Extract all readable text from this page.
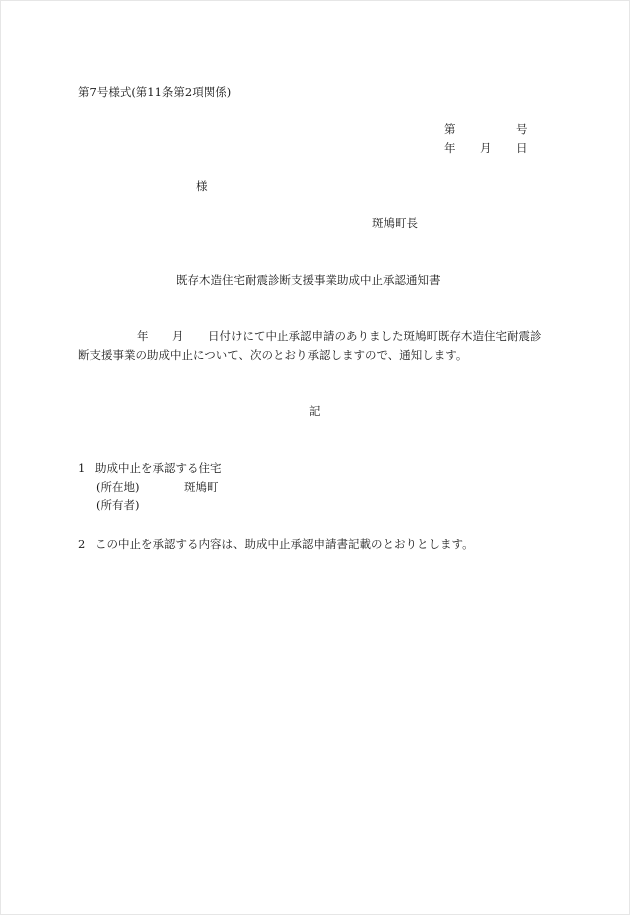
第7号様式(第11条第2項関係)
第	号
年 月 日
様
斑鳩町長
既存木造住宅耐震診断支援事業助成中止承認通知書
年 月 日付けにて中止承認申請のありました斑鳩町既存木造住宅耐震診
断支援事業の助成中止について、次のとおり承認しますので、通知します。
記
1 助成中止を承認する住宅
(所在地)	斑鳩町
(所有者)
2 この中止を承認する内容は、助成中止承認申請書記載のとおりとします。
